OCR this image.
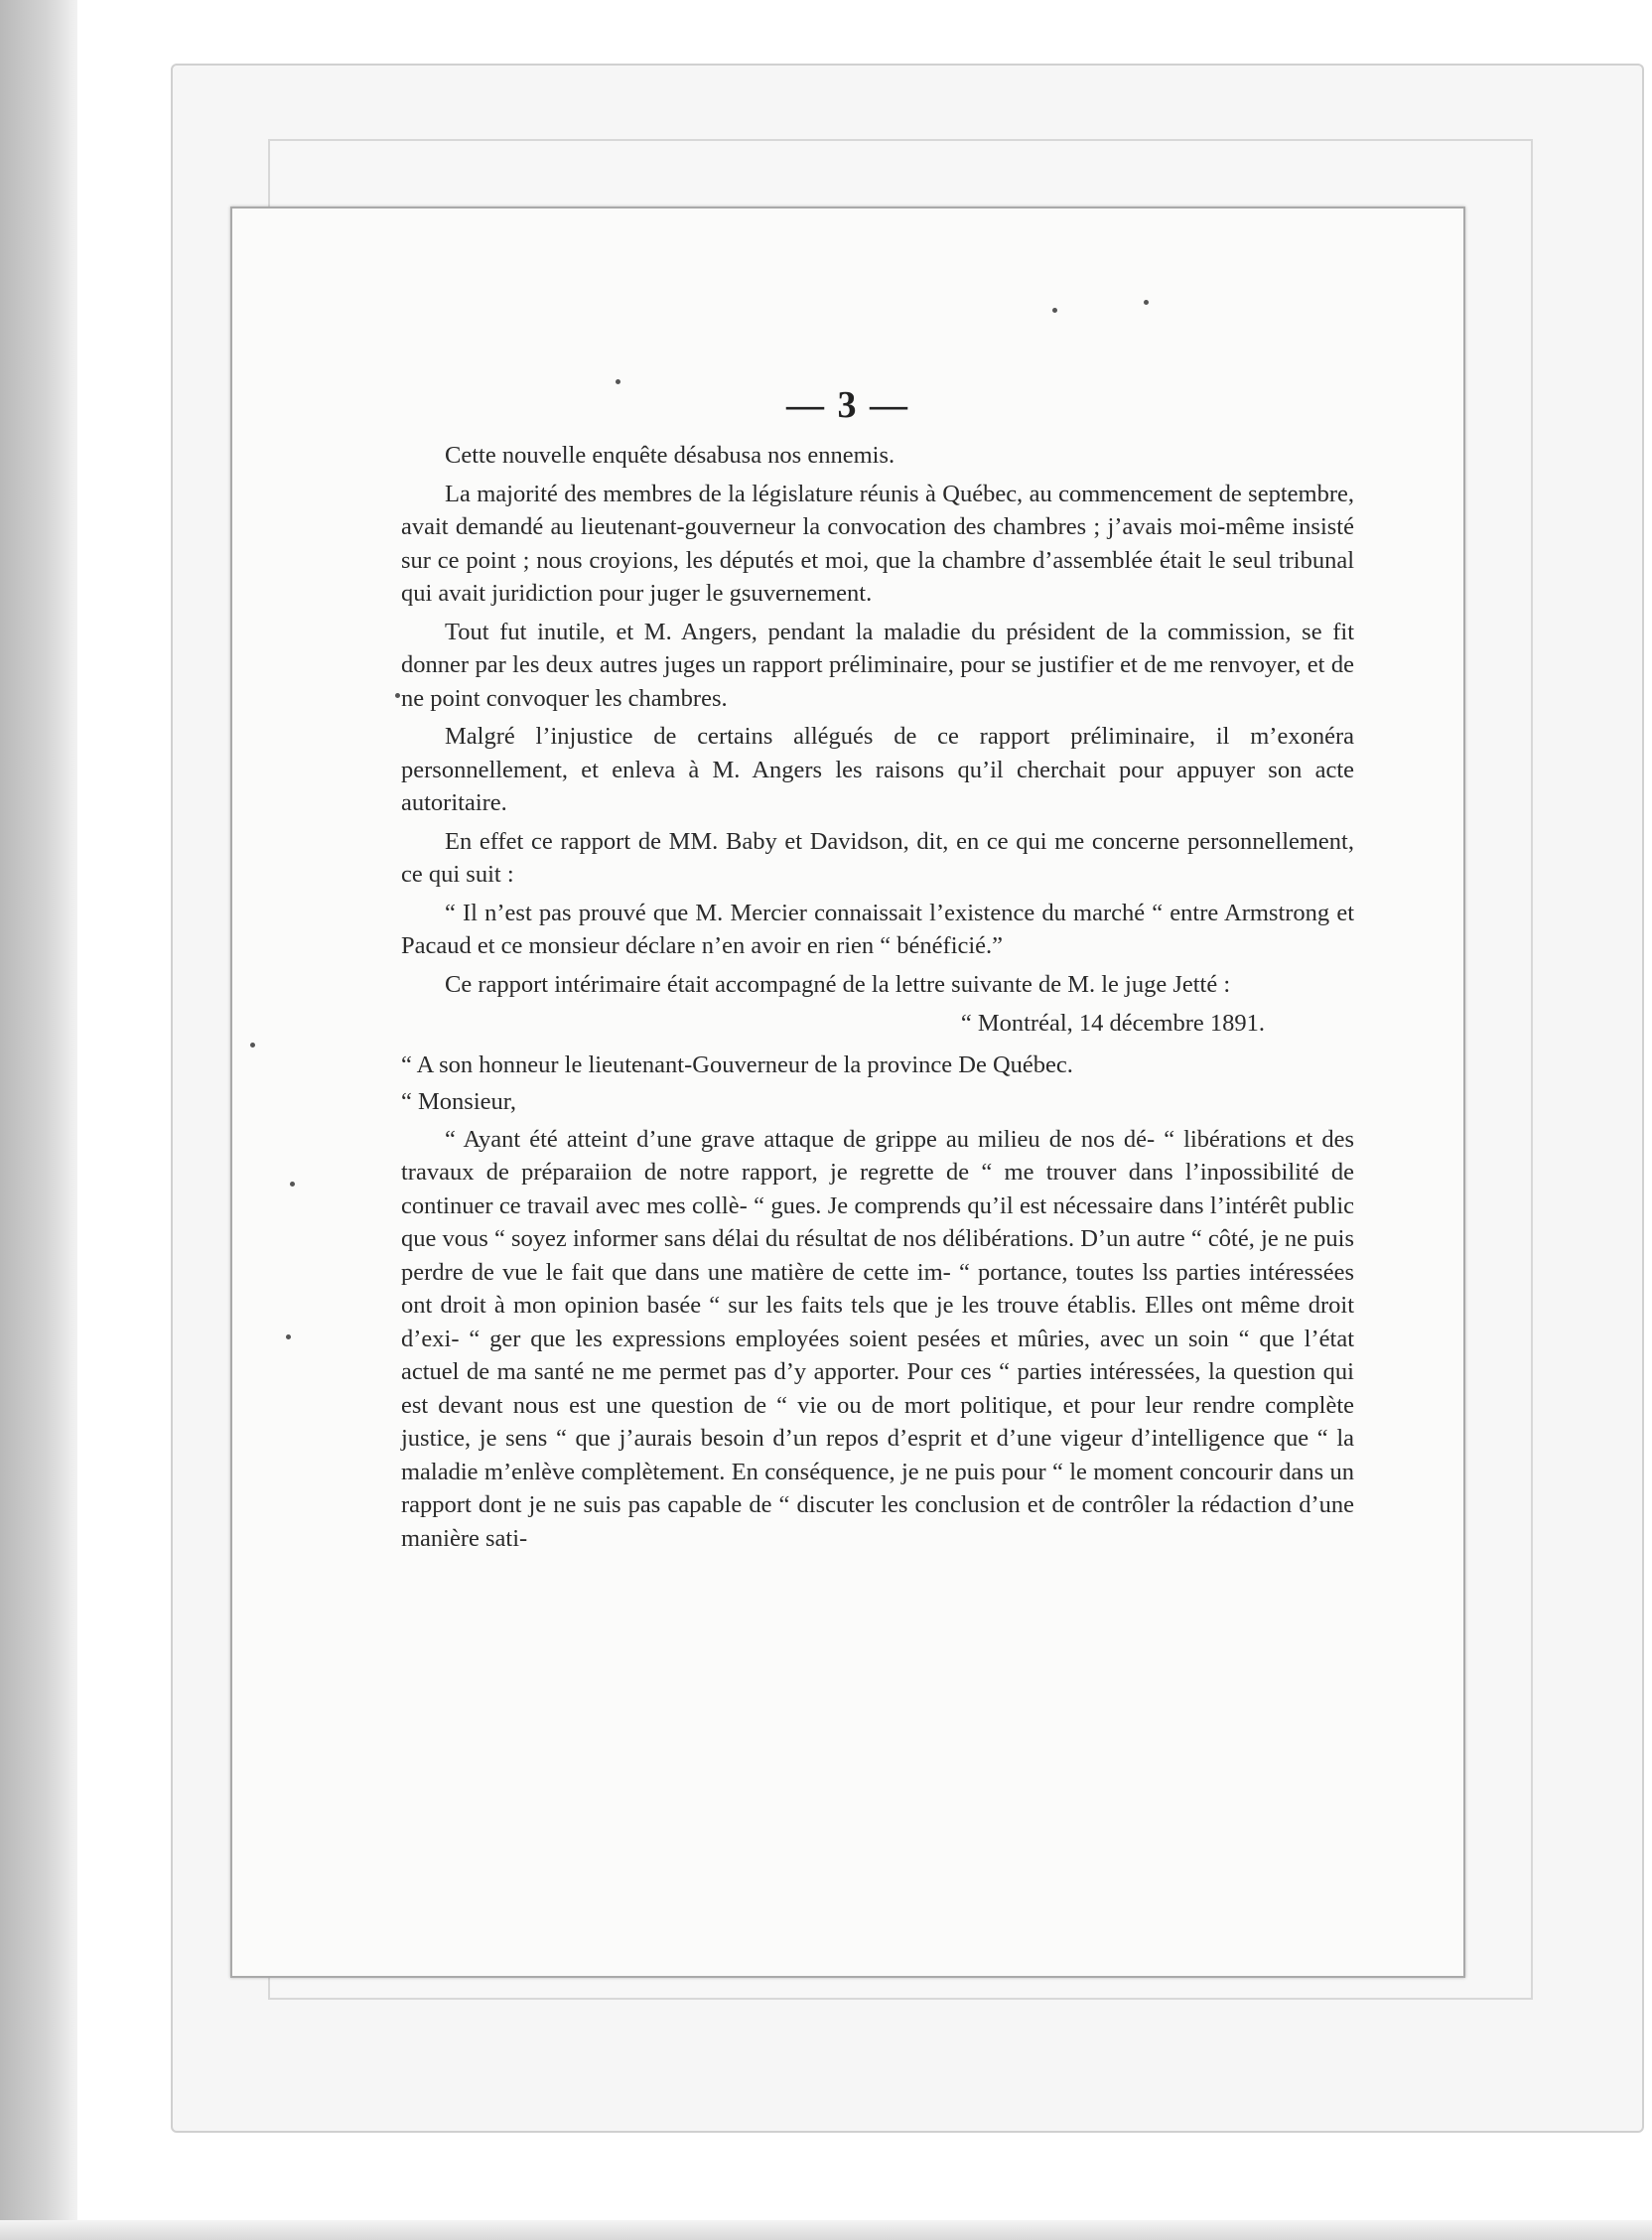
— 3 —

Cette nouvelle enquête désabusa nos ennemis.

La majorité des membres de la législature réunis à Québec, au commencement de septembre, avait demandé au lieutenant-gouverneur la convocation des chambres ; j’avais moi-même insisté sur ce point ; nous croyions, les députés et moi, que la chambre d’assemblée était le seul tribunal qui avait juridiction pour juger le gsuvernement.

Tout fut inutile, et M. Angers, pendant la maladie du président de la commission, se fit donner par les deux autres juges un rapport préliminaire, pour se justifier et de me renvoyer, et de ne point convoquer les chambres.

Malgré l’injustice de certains allégués de ce rapport préliminaire, il m’exonéra personnellement, et enleva à M. Angers les raisons qu’il cherchait pour appuyer son acte autoritaire.

En effet ce rapport de MM. Baby et Davidson, dit, en ce qui me concerne personnellement, ce qui suit :

“ Il n’est pas prouvé que M. Mercier connaissait l’existence du marché “ entre Armstrong et Pacaud et ce monsieur déclare n’en avoir en rien “ bénéficié.”

Ce rapport intérimaire était accompagné de la lettre suivante de M. le juge Jetté :

“ Montréal, 14 décembre 1891.

“ A son honneur le lieutenant-Gouverneur de la province De Québec.

“ Monsieur,

“ Ayant été atteint d’une grave attaque de grippe au milieu de nos dé- “ libérations et des travaux de préparaiion de notre rapport, je regrette de “ me trouver dans l’inpossibilité de continuer ce travail avec mes collè- “ gues. Je comprends qu’il est nécessaire dans l’intérêt public que vous “ soyez informer sans délai du résultat de nos délibérations. D’un autre “ côté, je ne puis perdre de vue le fait que dans une matière de cette im- “ portance, toutes lss parties intéressées ont droit à mon opinion basée “ sur les faits tels que je les trouve établis. Elles ont même droit d’exi- “ ger que les expressions employées soient pesées et mûries, avec un soin “ que l’état actuel de ma santé ne me permet pas d’y apporter. Pour ces “ parties intéressées, la question qui est devant nous est une question de “ vie ou de mort politique, et pour leur rendre complète justice, je sens “ que j’aurais besoin d’un repos d’esprit et d’une vigeur d’intelligence que “ la maladie m’enlève complètement. En conséquence, je ne puis pour “ le moment concourir dans un rapport dont je ne suis pas capable de “ discuter les conclusion et de contrôler la rédaction d’une manière sati-
